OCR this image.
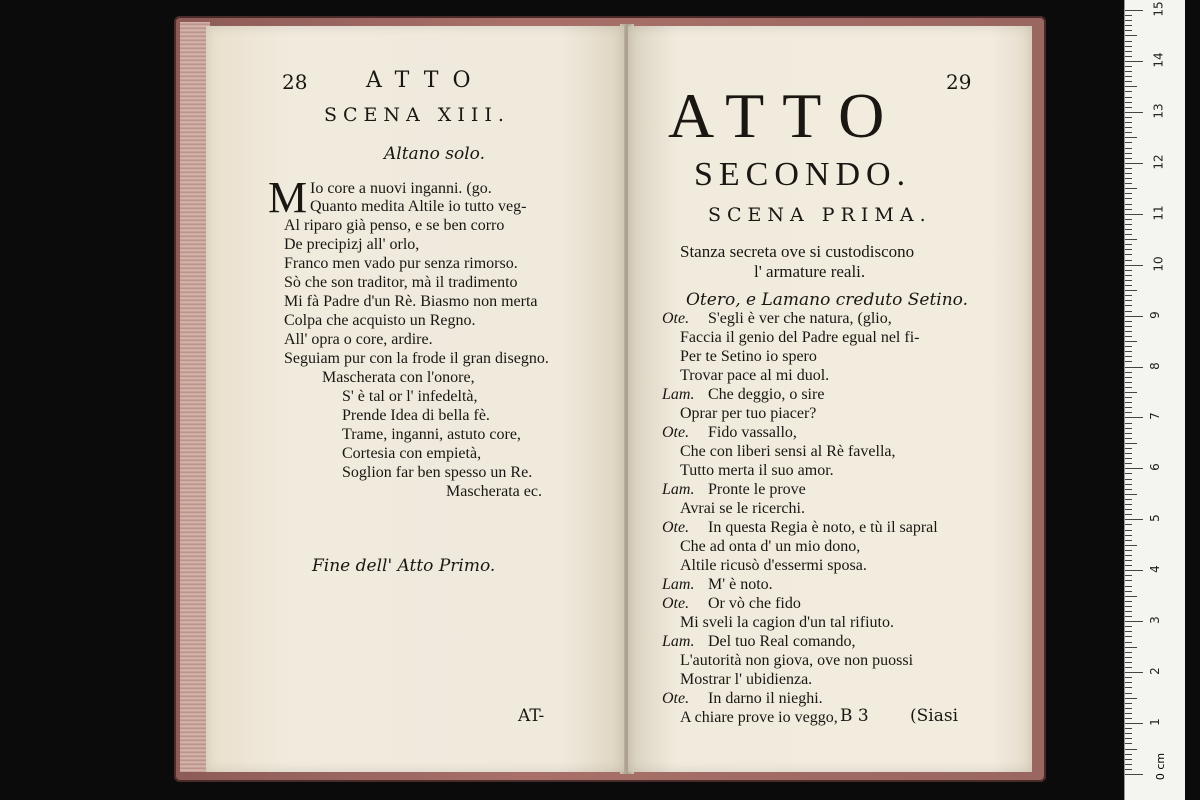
28	ATTO
SCENA XIII.
Altano solo.
M Io core a nuovi inganni. (go.
Quanto medita Altile io tutto veg-
Al riparo già penso, e se ben corro
De precipizj all' orlo,
Franco men vado pur senza rimorso.
Sò che son traditor, mà il tradimento
Mi fà Padre d'un Rè. Biasmo non merta
Colpa che acquisto un Regno.
All' opra o core, ardire.
Seguiam pur con la frode il gran disegno.
Mascherata con l'onore,
S' è tal or l' infedeltà,
Prende Idea di bella fè.
Trame, inganni, astuto core,
Cortesia con empietà,
Soglion far ben spesso un Re.
Mascherata ec.
Fine dell' Atto Primo.
AT-
29
ATTO
SECONDO.
SCENA PRIMA.
Stanza secreta ove si custodiscono
l' armature reali.
Otero, e Lamano creduto Setino.
Ote. S'egli è ver che natura, (glio,
Faccia il genio del Padre egual nel fi-
Per te Setino io spero
Trovar pace al mi duol.
Lam. Che deggio, o sire
Oprar per tuo piacer?
Ote. Fido vassallo,
Che con liberi sensi al Rè favella,
Tutto merta il suo amor.
Lam. Pronte le prove
Avrai se le ricerchi.
Ote. In questa Regia è noto, e tù il sapral
Che ad onta d' un mio dono,
Altile ricusò d'essermi sposa.
Lam. M' è noto.
Ote. Or vò che fido
Mi sveli la cagion d'un tal rifiuto.
Lam. Del tuo Real comando,
L'autorità non giova, ove non puossi
Mostrar l' ubidienza.
Ote. In darno il nieghi.
A chiare prove io veggo, B 3 (Siasi
0 cm
15
14
13
12
11
10
9
8
7
6
5
4
3
2
1
